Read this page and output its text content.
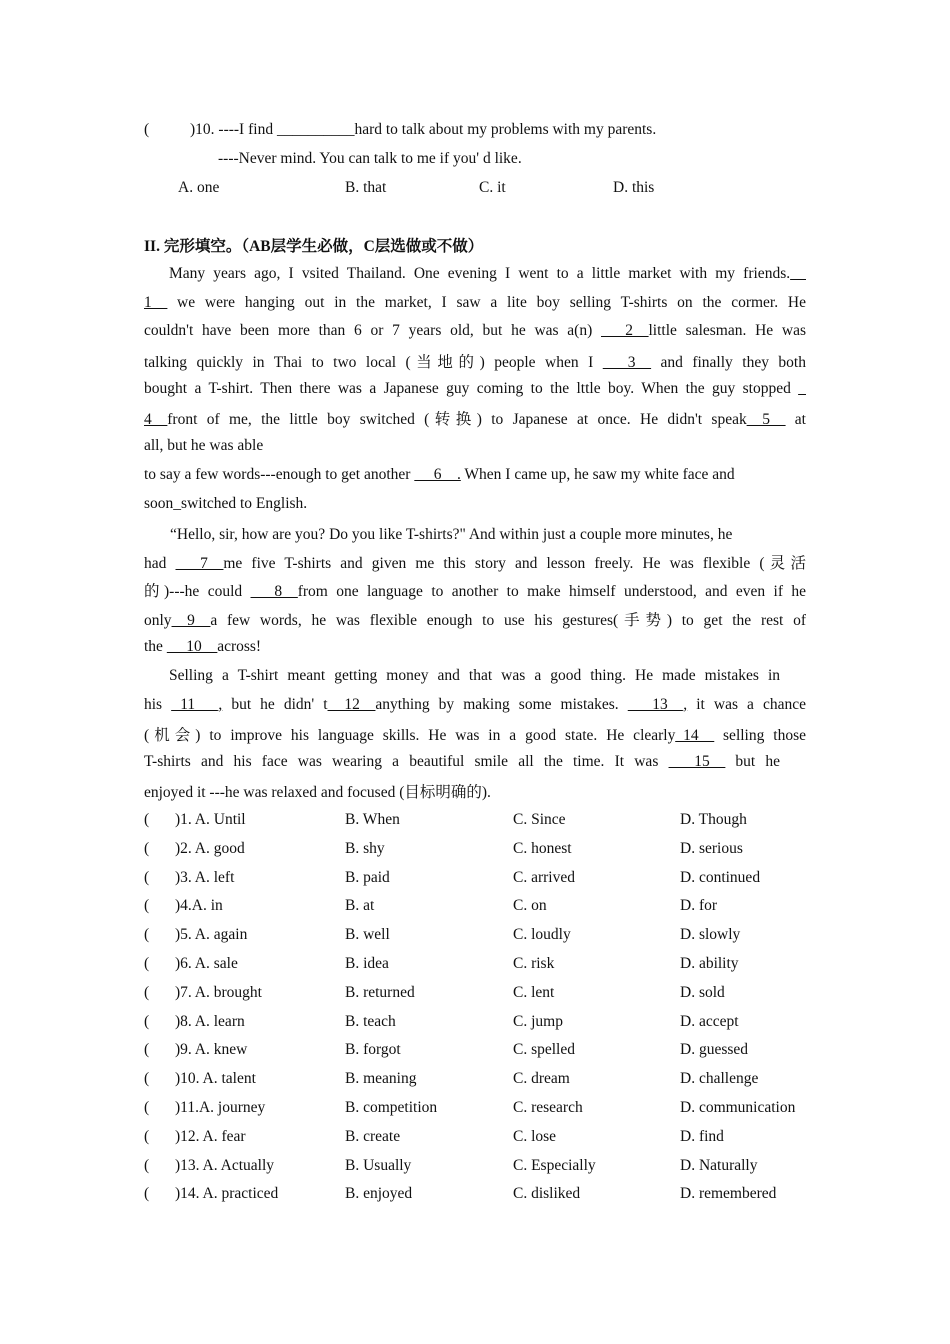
(	)10. ----I find __________hard to talk about my problems with my parents.
----Never mind. You can talk to me if you' d like.
A. one	B. that	C. it	D. this
II. 完形填空。（AB层学生必做，C层选做或不做）
Many years ago, I vsited Thailand. One evening I went to a little market with my friends. _
1__ we were hanging out in the market, I saw a lite boy selling T-shirts on the cormer. He
couldn't have been more than 6 or 7 years old, but he was a(n)  __2__little salesman. He was
talking quickly in Thai to two local (当地的) people when I  __3__ and finally they both
bought a T-shirt. Then there was a Japanese guy coming to the lttle boy. When the guy stopped _
4__front of me, the little boy switched (转换) to Japanese at once. He didn't speak__5__ at
all, but he was able
to say a few words---enough to get another  __6__. When I came up, he saw my white face and
soon_switched to English.
“Hello, sir, how are you? Do you like T-shirts?" And within just a couple more minutes, he
had  __7__me five T-shirts and given me this story and lesson freely. He was flexible (灵活
的)---he could  __8__from one language to another to make himself understood, and even if he
only__9__a few words, he was flexible enough to use his gestures(手势) to get the rest of
the  __10__across!
Selling a T-shirt meant getting money and that was a good thing. He made mistakes in
his  11___, but he didn' t_ 12__anything by making some mistakes.  __13__, it was a chance
(机会) to improve his language skills. He was in a good state. He clearly_14__ selling those
T-shirts and his face was wearing a beautiful smile all the time. It was  __15__ but he
enjoyed it ---he was relaxed and focused (目标明确的).
( )1. A. Until	B. When	C. Since	D. Though
( )2. A. good	B. shy	C. honest	D. serious
( )3. A. left	B. paid	C. arrived	D. continued
( )4.A. in	B. at	C. on	D. for
( )5. A. again	B. well	C. loudly	D. slowly
( )6. A. sale	B. idea	C. risk	D. ability
( )7. A. brought	B. returned	C. lent	D. sold
( )8. A. learn	B. teach	C. jump	D. accept
( )9. A. knew	B. forgot	C. spelled	D. guessed
( )10. A. talent	B. meaning	C. dream	D. challenge
( )11.A. journey	B. competition	C. research	D. communication
( )12. A. fear	B. create	C. lose	D. find
( )13. A. Actually	B. Usually	C. Especially	D. Naturally
( )14. A. practiced	B. enjoyed	C. disliked	D. remembered
